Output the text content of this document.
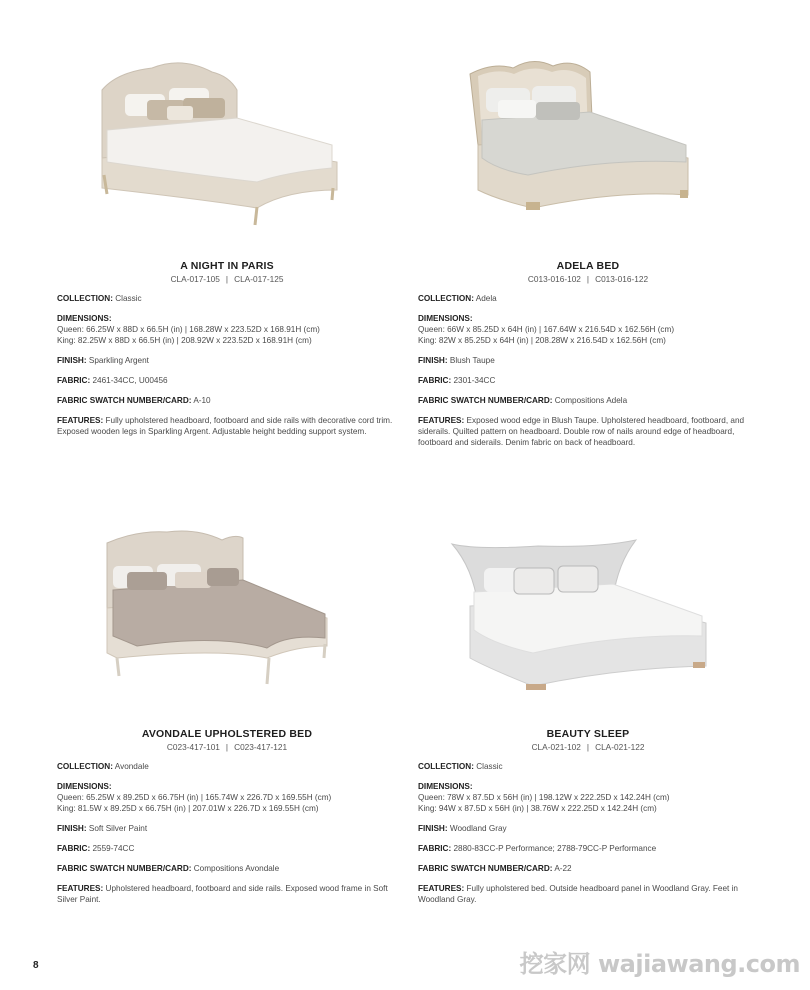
A NIGHT IN PARIS
CLA-017-105 | CLA-017-125
COLLECTION: Classic
DIMENSIONS:
Queen: 66.25W x 88D x 66.5H (in) | 168.28W x 223.52D x 168.91H (cm)
King: 82.25W x 88D x 66.5H (in) | 208.92W x 223.52D x 168.91H (cm)
FINISH: Sparkling Argent
FABRIC: 2461-34CC, U00456
FABRIC SWATCH NUMBER/CARD: A-10
FEATURES: Fully upholstered headboard, footboard and side rails with decorative cord trim. Exposed wooden legs in Sparkling Argent. Adjustable height bedding support system.
ADELA BED
C013-016-102 | C013-016-122
COLLECTION: Adela
DIMENSIONS:
Queen: 66W x 85.25D x 64H (in) | 167.64W x 216.54D x 162.56H (cm)
King: 82W x 85.25D x 64H (in) | 208.28W x 216.54D x 162.56H (cm)
FINISH: Blush Taupe
FABRIC: 2301-34CC
FABRIC SWATCH NUMBER/CARD: Compositions Adela
FEATURES: Exposed wood edge in Blush Taupe. Upholstered headboard, footboard, and siderails. Quilted pattern on headboard. Double row of nails around edge of headboard, footboard and siderails. Denim fabric on back of headboard.
AVONDALE UPHOLSTERED BED
C023-417-101 | C023-417-121
COLLECTION: Avondale
DIMENSIONS:
Queen: 65.25W x 89.25D x 66.75H (in) | 165.74W x 226.7D x 169.55H (cm)
King: 81.5W x 89.25D x 66.75H (in) | 207.01W x 226.7D x 169.55H (cm)
FINISH: Soft Silver Paint
FABRIC: 2559-74CC
FABRIC SWATCH NUMBER/CARD: Compositions Avondale
FEATURES: Upholstered headboard, footboard and side rails. Exposed wood frame in Soft Silver Paint.
BEAUTY SLEEP
CLA-021-102 | CLA-021-122
COLLECTION: Classic
DIMENSIONS:
Queen: 78W x 87.5D x 56H (in) | 198.12W x 222.25D x 142.24H (cm)
King: 94W x 87.5D x 56H (in) | 38.76W x 222.25D x 142.24H (cm)
FINISH: Woodland Gray
FABRIC: 2880-83CC-P Performance; 2788-79CC-P Performance
FABRIC SWATCH NUMBER/CARD: A-22
FEATURES: Fully upholstered bed. Outside headboard panel in Woodland Gray. Feet in Woodland Gray.
8	挖家网 wajiawang.com
